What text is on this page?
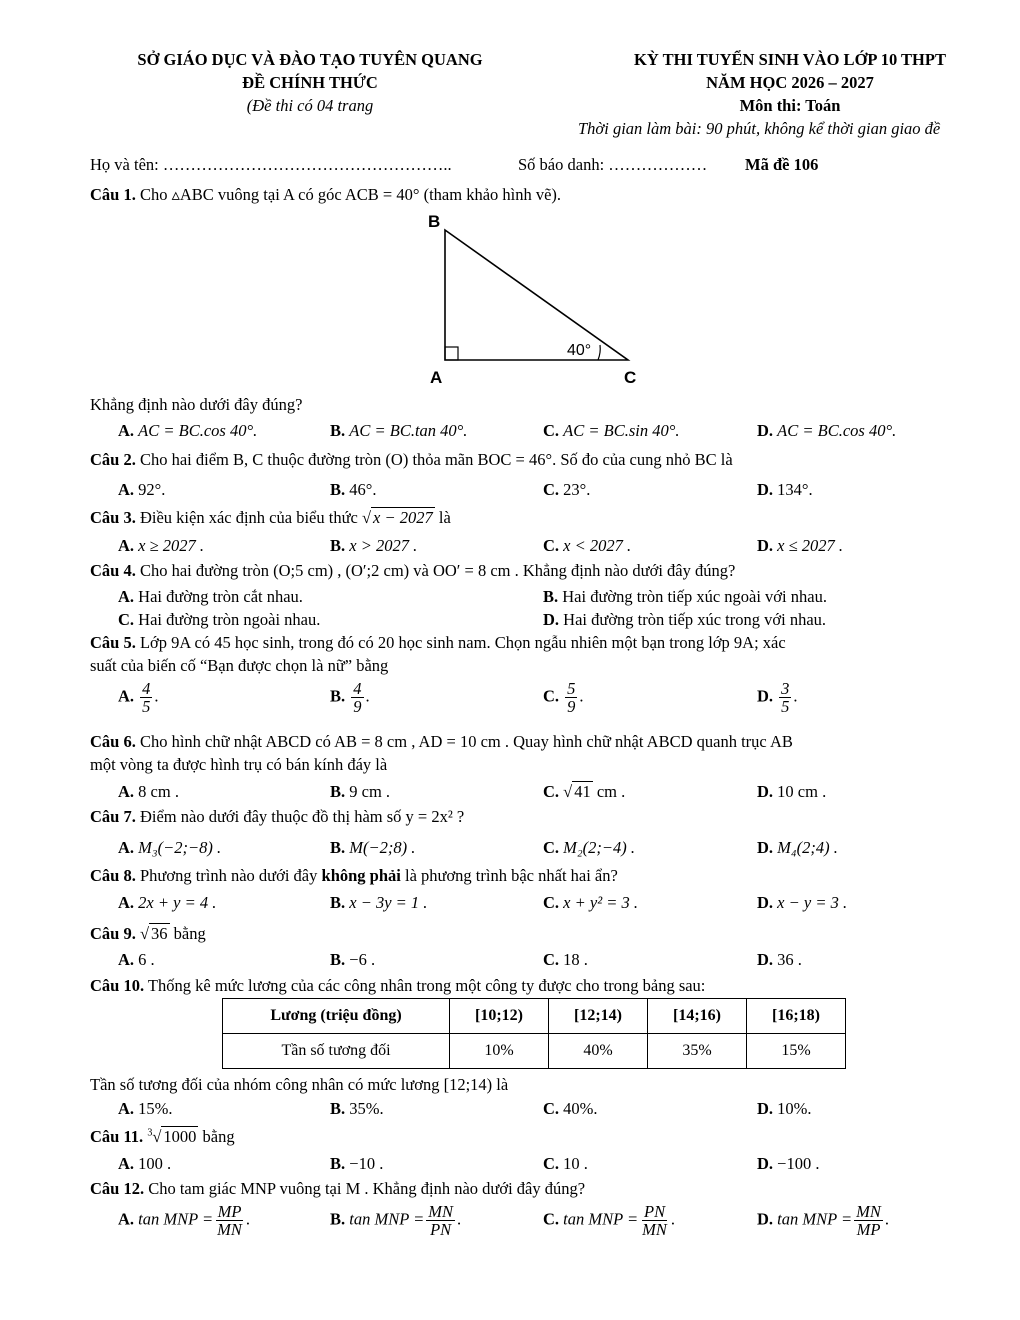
SỞ GIÁO DỤC VÀ ĐÀO TẠO TUYÊN QUANG
ĐỀ CHÍNH THỨC
(Đề thi có 04 trang
KỲ THI TUYỂN SINH VÀO LỚP 10 THPT
NĂM HỌC 2026 – 2027
Môn thi: Toán
Thời gian làm bài: 90 phút, không kể thời gian giao đề
Họ và tên: ……………………………………………..	Số báo danh: ……………… Mã đề 106
Câu 1. Cho ▵ABC vuông tại A có góc ACB = 40° (tham khảo hình vẽ).
B
A	C
40°
Khẳng định nào dưới đây đúng?
A. AC = BC.cos 40°.	B. AC = BC.tan 40°.	C. AC = BC.sin 40°.	D. AC = BC.cos 40°.
Câu 2. Cho hai điểm B, C thuộc đường tròn (O) thỏa mãn BOC = 46°. Số đo của cung nhỏ BC là
A. 92°.	B. 46°.	C. 23°.	D. 134°.
Câu 3. Điều kiện xác định của biểu thức √ x − 2027 là
A. x ≥ 2027 .	B. x > 2027 .	C. x < 2027 .	D. x ≤ 2027 .
Câu 4. Cho hai đường tròn (O;5 cm) , (O′;2 cm) và OO′ = 8 cm . Khẳng định nào dưới đây đúng?
A. Hai đường tròn cắt nhau.	B. Hai đường tròn tiếp xúc ngoài với nhau.
C. Hai đường tròn ngoài nhau.	D. Hai đường tròn tiếp xúc trong với nhau.
Câu 5. Lớp 9A có 45 học sinh, trong đó có 20 học sinh nam. Chọn ngẫu nhiên một bạn trong lớp 9A; xác
suất của biến cố “Bạn được chọn là nữ” bằng
A. $\frac{4}{5}$ .	B. $\frac{4}{9}$ .	C. $\frac{5}{9}$ .	D. $\frac{3}{5}$ .
Câu 6. Cho hình chữ nhật ABCD có AB = 8 cm , AD = 10 cm . Quay hình chữ nhật ABCD quanh trục AB
một vòng ta được hình trụ có bán kính đáy là
A. 8 cm .	B. 9 cm .	C. √ 41 cm .	D. 10 cm .
Câu 7. Điểm nào dưới đây thuộc đồ thị hàm số y = 2x² ?
A. M₃(−2;−8) .	B. M(−2;8) .	C. M₂(2;−4) .	D. M₄(2;4) .
Câu 8. Phương trình nào dưới đây không phải là phương trình bậc nhất hai ẩn?
A. 2x + y = 4 .	B. x − 3y = 1 .	C. x + y² = 3 .	D. x − y = 3 .
Câu 9. √ 36 bằng
A. 6 .	B. −6 .	C. 18 .	D. 36 .
Câu 10. Thống kê mức lương của các công nhân trong một công ty được cho trong bảng sau:
Lương (triệu đồng)	[10;12)	[12;14)	[14;16)	[16;18)
Tần số tương đối	10%	40%	35%	15%
Tần số tương đối của nhóm công nhân có mức lương [12;14) là
A. 15%.	B. 35%.	C. 40%.	D. 10%.
Câu 11. $^3$√ 1000 bằng
A. 100 .	B. −10 .	C. 10 .	D. −100 .
Câu 12. Cho tam giác MNP vuông tại M . Khẳng định nào dưới đây đúng?
A. tan MNP = $\frac{MP}{MN}$ .	B. tan MNP = $\frac{MN}{PN}$ .	C. tan MNP = $\frac{PN}{MN}$ .	D. tan MNP = $\frac{MN}{MP}$ .
